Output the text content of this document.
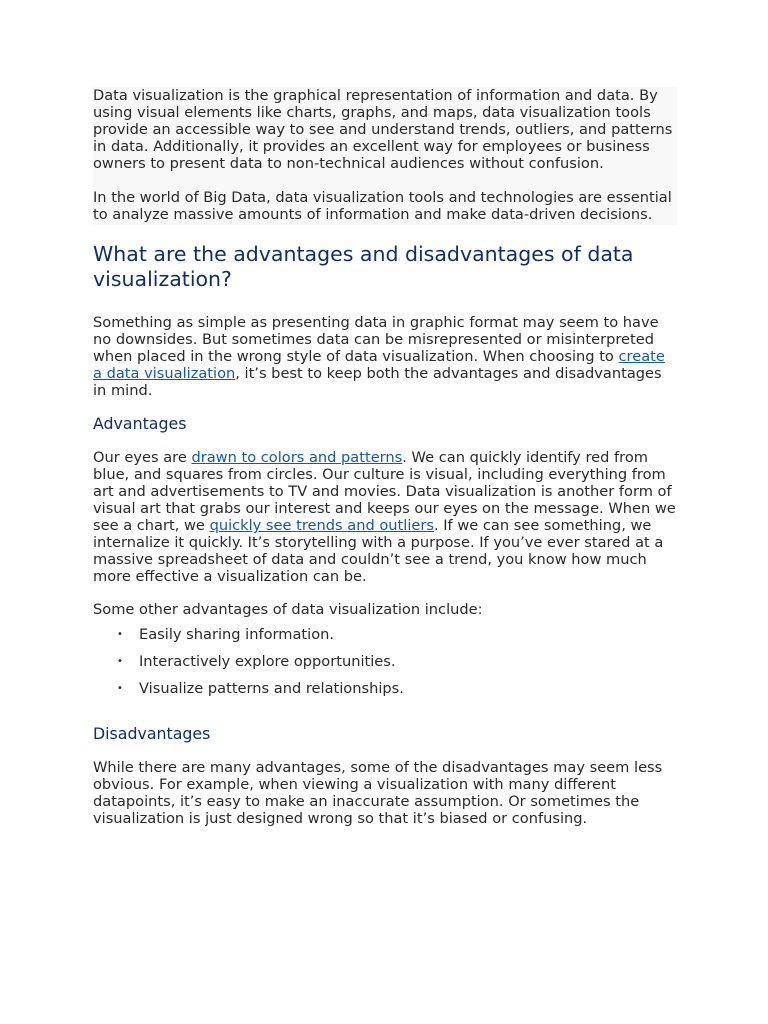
Data visualization is the graphical representation of information and data. By using visual elements like charts, graphs, and maps, data visualization tools provide an accessible way to see and understand trends, outliers, and patterns in data. Additionally, it provides an excellent way for employees or business owners to present data to non-technical audiences without confusion.

In the world of Big Data, data visualization tools and technologies are essential to analyze massive amounts of information and make data-driven decisions.

What are the advantages and disadvantages of data visualization?

Something as simple as presenting data in graphic format may seem to have no downsides. But sometimes data can be misrepresented or misinterpreted when placed in the wrong style of data visualization. When choosing to create a data visualization, it’s best to keep both the advantages and disadvantages in mind.

Advantages

Our eyes are drawn to colors and patterns. We can quickly identify red from blue, and squares from circles. Our culture is visual, including everything from art and advertisements to TV and movies. Data visualization is another form of visual art that grabs our interest and keeps our eyes on the message. When we see a chart, we quickly see trends and outliers. If we can see something, we internalize it quickly. It’s storytelling with a purpose. If you’ve ever stared at a massive spreadsheet of data and couldn’t see a trend, you know how much more effective a visualization can be.

Some other advantages of data visualization include:

• Easily sharing information.
• Interactively explore opportunities.
• Visualize patterns and relationships.
Disadvantages

While there are many advantages, some of the disadvantages may seem less obvious. For example, when viewing a visualization with many different datapoints, it’s easy to make an inaccurate assumption. Or sometimes the visualization is just designed wrong so that it’s biased or confusing.
